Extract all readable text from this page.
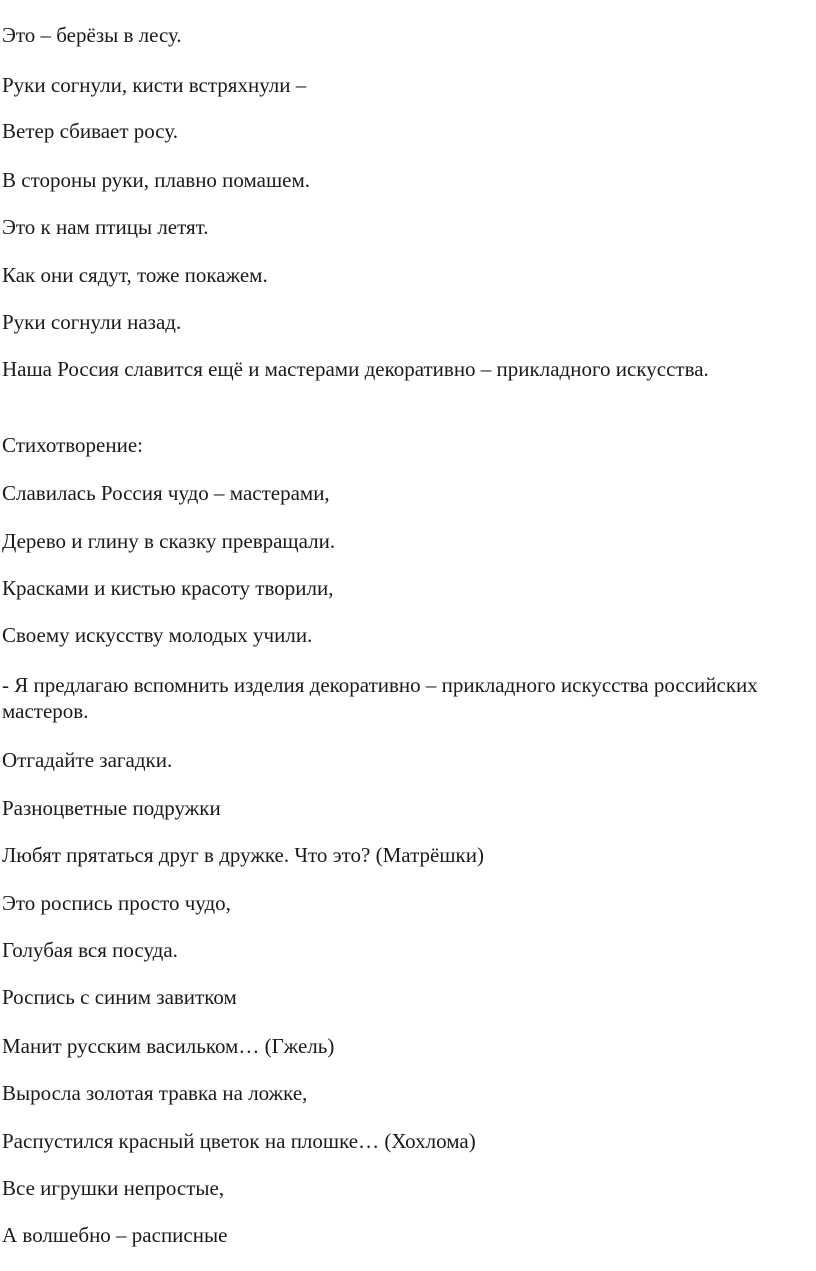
Это – берёзы в лесу.

Руки согнули, кисти встряхнули –

Ветер сбивает росу.

В стороны руки, плавно помашем.

Это к нам птицы летят.

Как они сядут, тоже покажем.

Руки согнули назад.

Наша Россия славится ещё и мастерами декоративно – прикладного искусства.

Стихотворение:

Славилась Россия чудо – мастерами,

Дерево и глину в сказку превращали.

Красками и кистью красоту творили,

Своему искусству молодых учили.

- Я предлагаю вспомнить изделия декоративно – прикладного искусства российских мастеров.

Отгадайте загадки.

Разноцветные подружки

Любят прятаться друг в дружке. Что это? (Матрёшки)

Это роспись просто чудо,

Голубая вся посуда.

Роспись с синим завитком

Манит русским васильком… (Гжель)

Выросла золотая травка на ложке,

Распустился красный цветок на плошке… (Хохлома)

Все игрушки непростые,

А волшебно – расписные
